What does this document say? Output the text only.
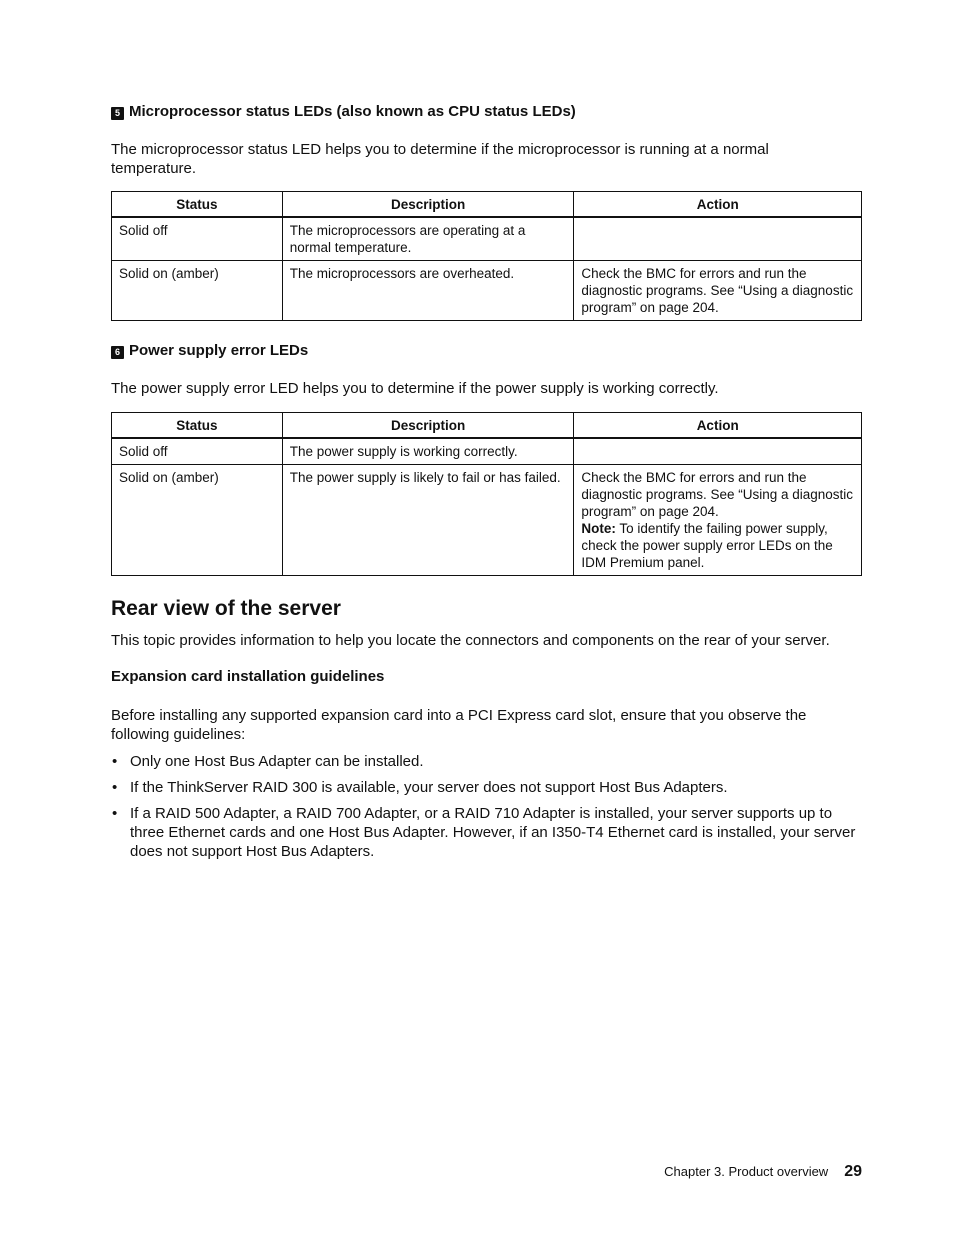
5 Microprocessor status LEDs (also known as CPU status LEDs)
The microprocessor status LED helps you to determine if the microprocessor is running at a normal temperature.
Status	Description	Action
Solid off	The microprocessors are operating at a normal temperature.	
Solid on (amber)	The microprocessors are overheated.	Check the BMC for errors and run the diagnostic programs. See “Using a diagnostic program” on page 204.
6 Power supply error LEDs
The power supply error LED helps you to determine if the power supply is working correctly.
Status	Description	Action
Solid off	The power supply is working correctly.	
Solid on (amber)	The power supply is likely to fail or has failed.	Check the BMC for errors and run the diagnostic programs. See “Using a diagnostic program” on page 204.
Note: To identify the failing power supply, check the power supply error LEDs on the IDM Premium panel.
Rear view of the server
This topic provides information to help you locate the connectors and components on the rear of your server.
Expansion card installation guidelines
Before installing any supported expansion card into a PCI Express card slot, ensure that you observe the following guidelines:
• Only one Host Bus Adapter can be installed.
• If the ThinkServer RAID 300 is available, your server does not support Host Bus Adapters.
• If a RAID 500 Adapter, a RAID 700 Adapter, or a RAID 710 Adapter is installed, your server supports up to three Ethernet cards and one Host Bus Adapter. However, if an I350-T4 Ethernet card is installed, your server does not support Host Bus Adapters.
Chapter 3. Product overview 29
